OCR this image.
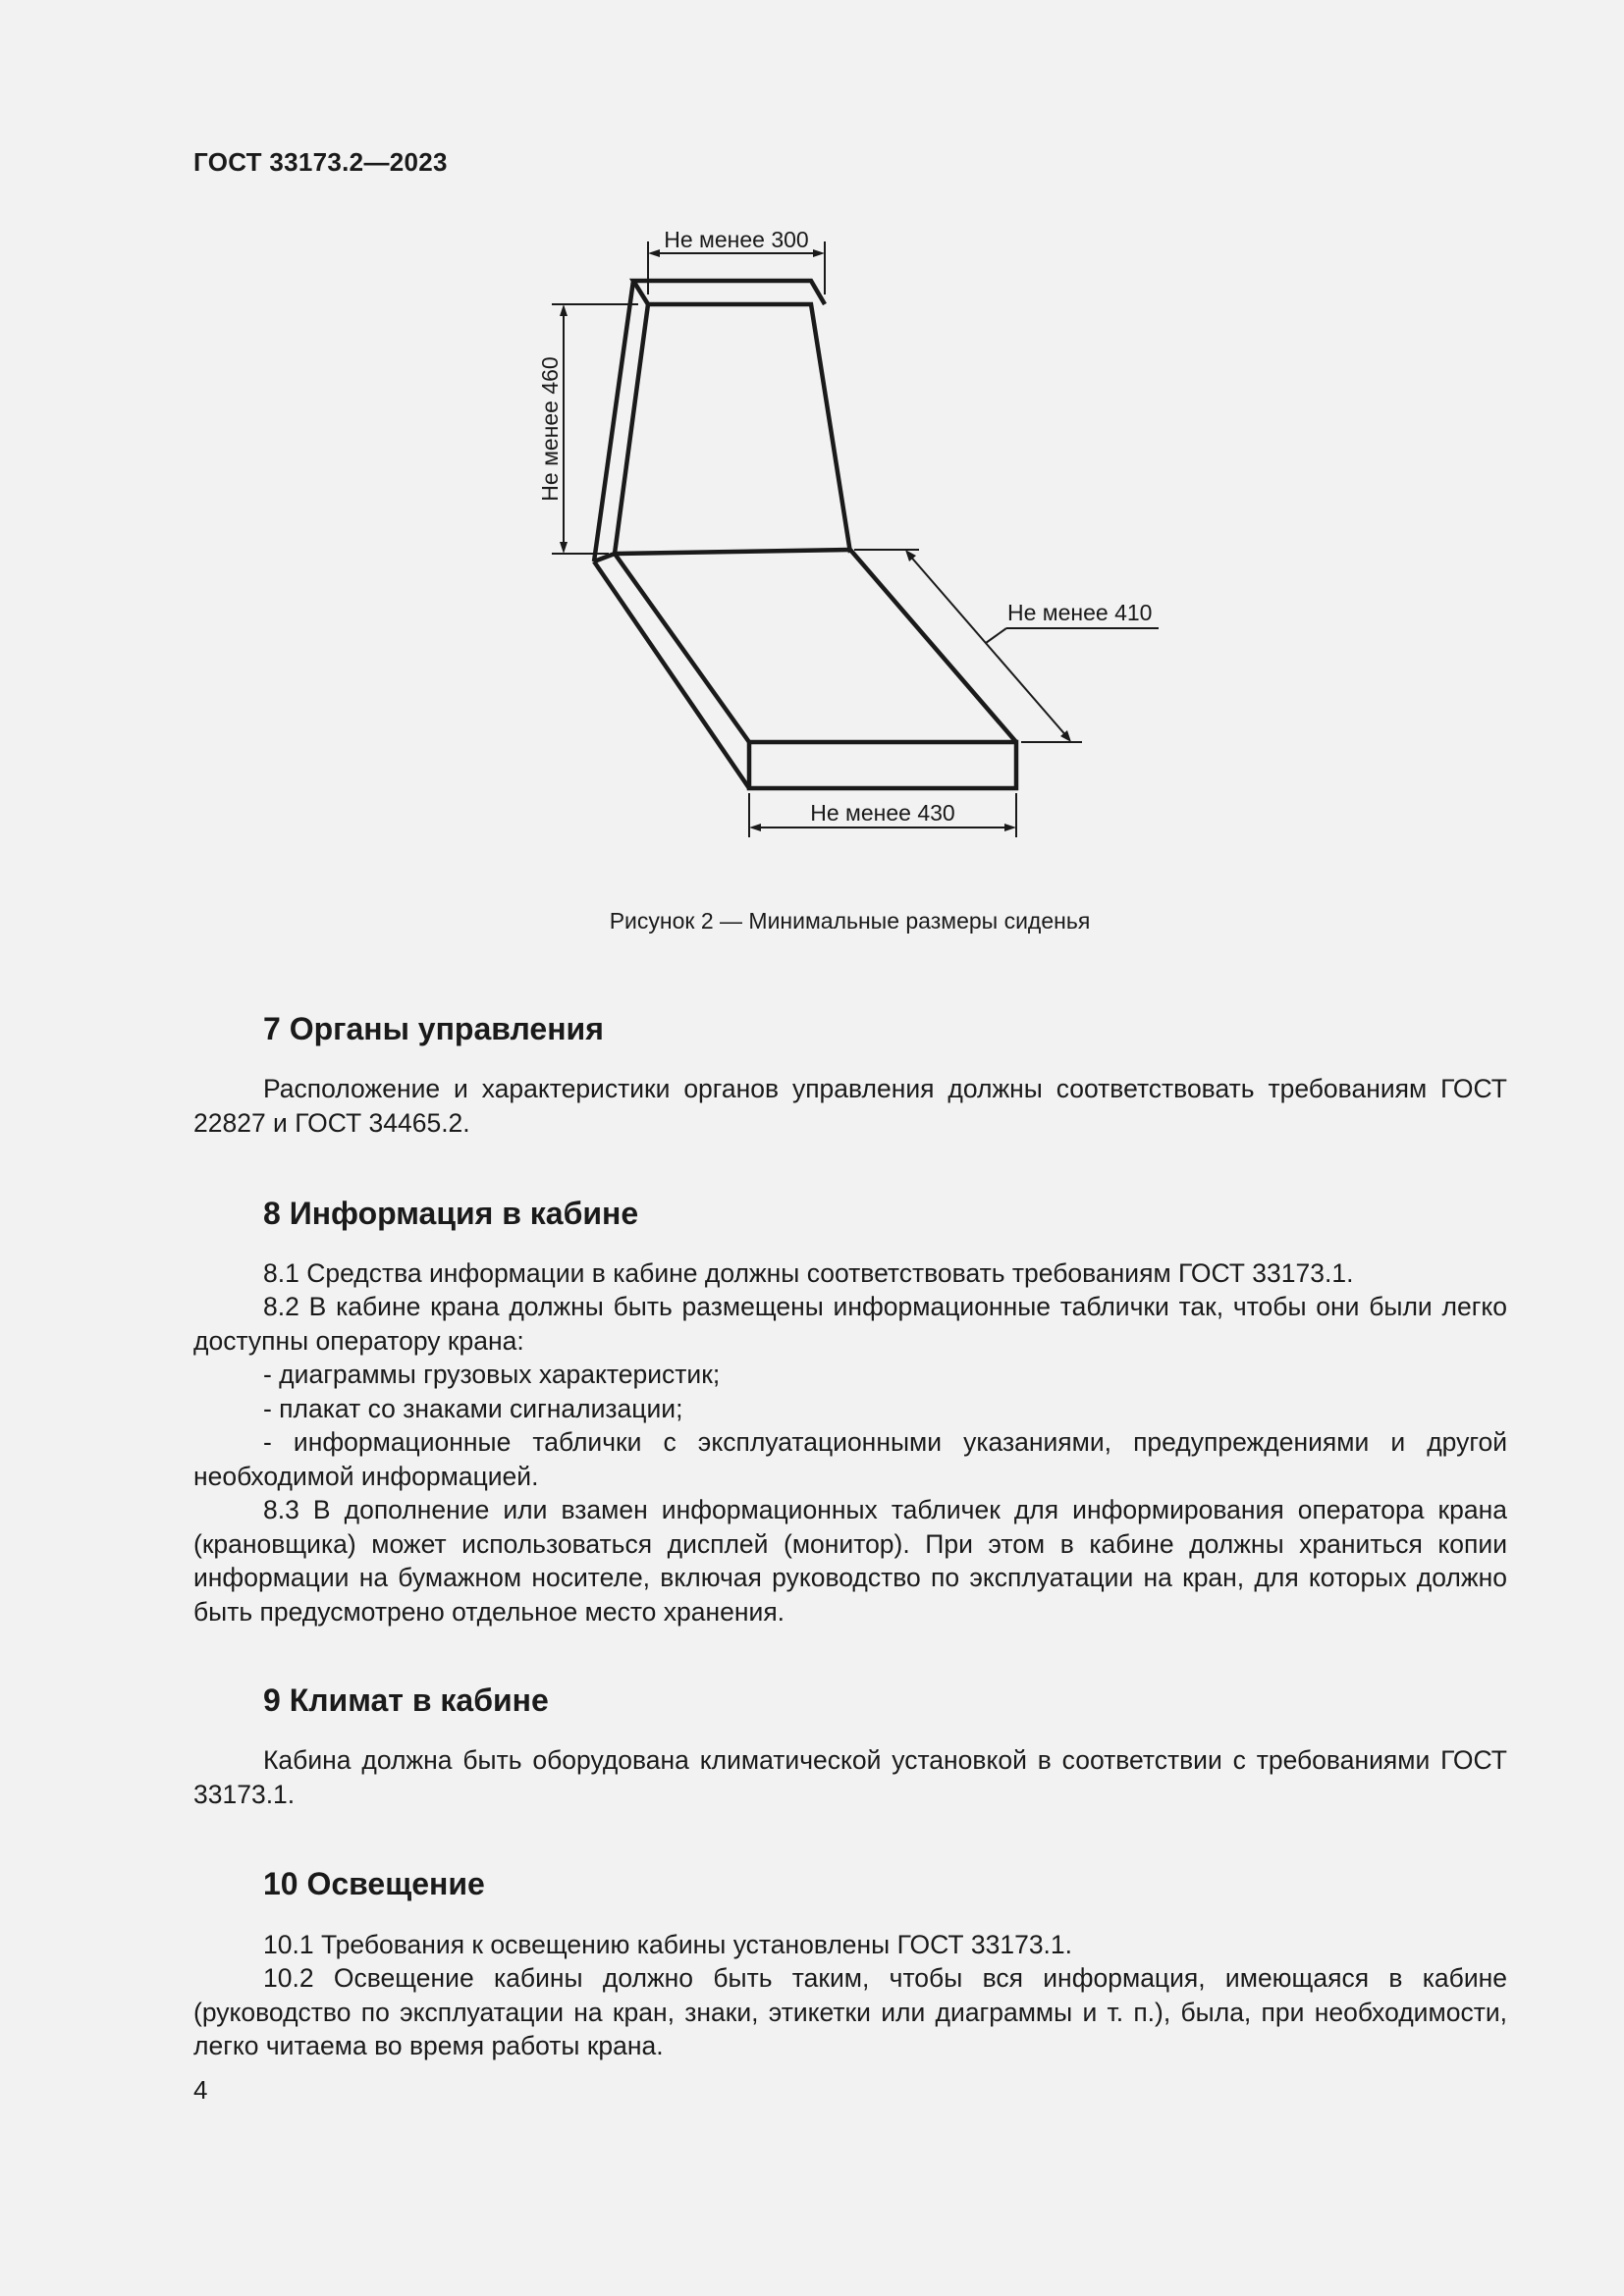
ГОСТ 33173.2—2023
Не менее 300
Не менее 460
Не менее 410
Не менее 430
Рисунок 2 — Минимальные размеры сиденья
7 Органы управления

Расположение и характеристики органов управления должны соответствовать требованиям ГОСТ 22827 и ГОСТ 34465.2.

8 Информация в кабине

8.1 Средства информации в кабине должны соответствовать требованиям ГОСТ 33173.1.

8.2 В кабине крана должны быть размещены информационные таблички так, чтобы они были легко доступны оператору крана:

- диаграммы грузовых характеристик;

- плакат со знаками сигнализации;

- информационные таблички с эксплуатационными указаниями, предупреждениями и другой необходимой информацией.

8.3 В дополнение или взамен информационных табличек для информирования оператора крана (крановщика) может использоваться дисплей (монитор). При этом в кабине должны храниться копии информации на бумажном носителе, включая руководство по эксплуатации на кран, для которых должно быть предусмотрено отдельное место хранения.

9 Климат в кабине

Кабина должна быть оборудована климатической установкой в соответствии с требованиями ГОСТ 33173.1.

10 Освещение

10.1 Требования к освещению кабины установлены ГОСТ 33173.1.

10.2 Освещение кабины должно быть таким, чтобы вся информация, имеющаяся в кабине (руководство по эксплуатации на кран, знаки, этикетки или диаграммы и т. п.), была, при необходимости, легко читаема во время работы крана.

4
